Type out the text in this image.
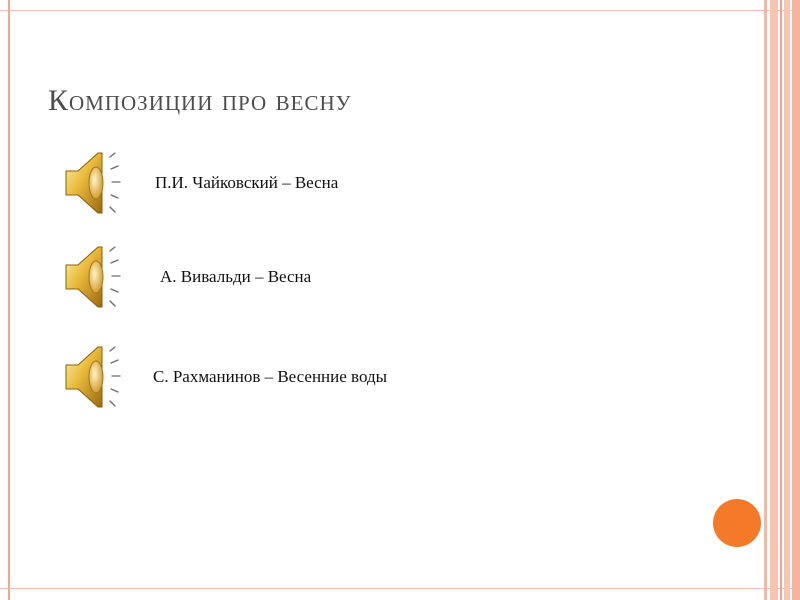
Композиции про весну
П.И. Чайковский – Весна
А. Вивальди – Весна
С. Рахманинов – Весенние воды
